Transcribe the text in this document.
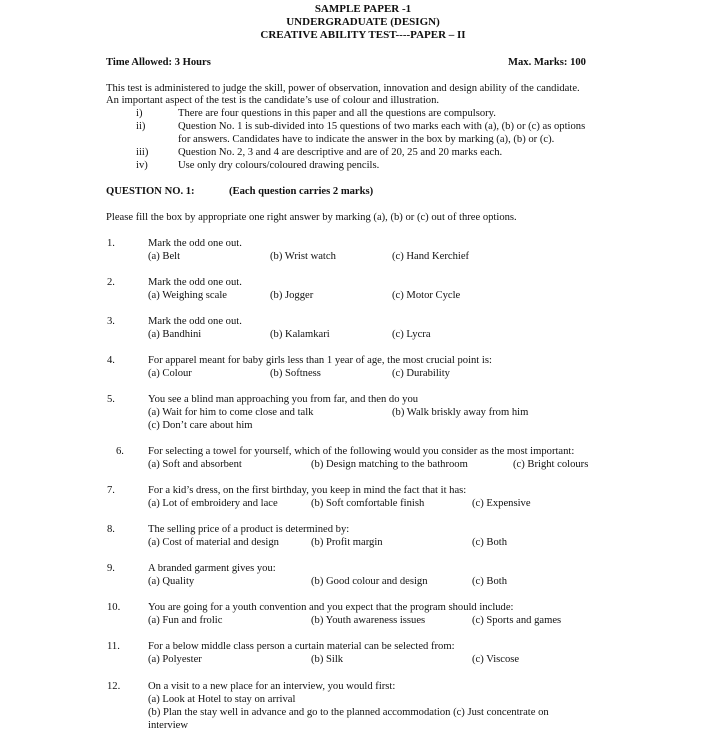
SAMPLE PAPER -1
UNDERGRADUATE (DESIGN)
CREATIVE ABILITY TEST----PAPER – II
Time Allowed: 3 Hours	Max. Marks: 100
This test is administered to judge the skill, power of observation, innovation and design ability of the candidate.
An important aspect of the test is the candidate’s use of colour and illustration.
i)	There are four questions in this paper and all the questions are compulsory.
ii)	Question No. 1 is sub-divided into 15 questions of two marks each with (a), (b) or (c) as options
for answers. Candidates have to indicate the answer in the box by marking (a), (b) or (c).
iii)	Question No. 2, 3 and 4 are descriptive and are of 20, 25 and 20 marks each.
iv)	Use only dry colours/coloured drawing pencils.
QUESTION NO. 1:	(Each question carries 2 marks)
Please fill the box by appropriate one right answer by marking (a), (b) or (c) out of three options.
1.	Mark the odd one out.
(a) Belt	(b) Wrist watch	(c) Hand Kerchief
2.	Mark the odd one out.
(a) Weighing scale	(b) Jogger	(c) Motor Cycle
3.	Mark the odd one out.
(a) Bandhini	(b) Kalamkari	(c) Lycra
4.	For apparel meant for baby girls less than 1 year of age, the most crucial point is:
(a) Colour	(b) Softness	(c) Durability
5.	You see a blind man approaching you from far, and then do you
(a) Wait for him to come close and talk	(b) Walk briskly away from him
(c) Don’t care about him
6. For selecting a towel for yourself, which of the following would you consider as the most important:
(a) Soft and absorbent	(b) Design matching to the bathroom	(c) Bright colours
7.	For a kid’s dress, on the first birthday, you keep in mind the fact that it has:
(a) Lot of embroidery and lace	(b) Soft comfortable finish	(c) Expensive
8.	The selling price of a product is determined by:
(a) Cost of material and design	(b) Profit margin	(c) Both
9.	A branded garment gives you:
(a) Quality	(b) Good colour and design	(c) Both
10.	You are going for a youth convention and you expect that the program should include:
(a) Fun and frolic	(b) Youth awareness issues	(c) Sports and games
11.	For a below middle class person a curtain material can be selected from:
(a) Polyester	(b) Silk	(c) Viscose
12.	On a visit to a new place for an interview, you would first:
(a) Look at Hotel to stay on arrival
(b) Plan the stay well in advance and go to the planned accommodation (c) Just concentrate on
interview
